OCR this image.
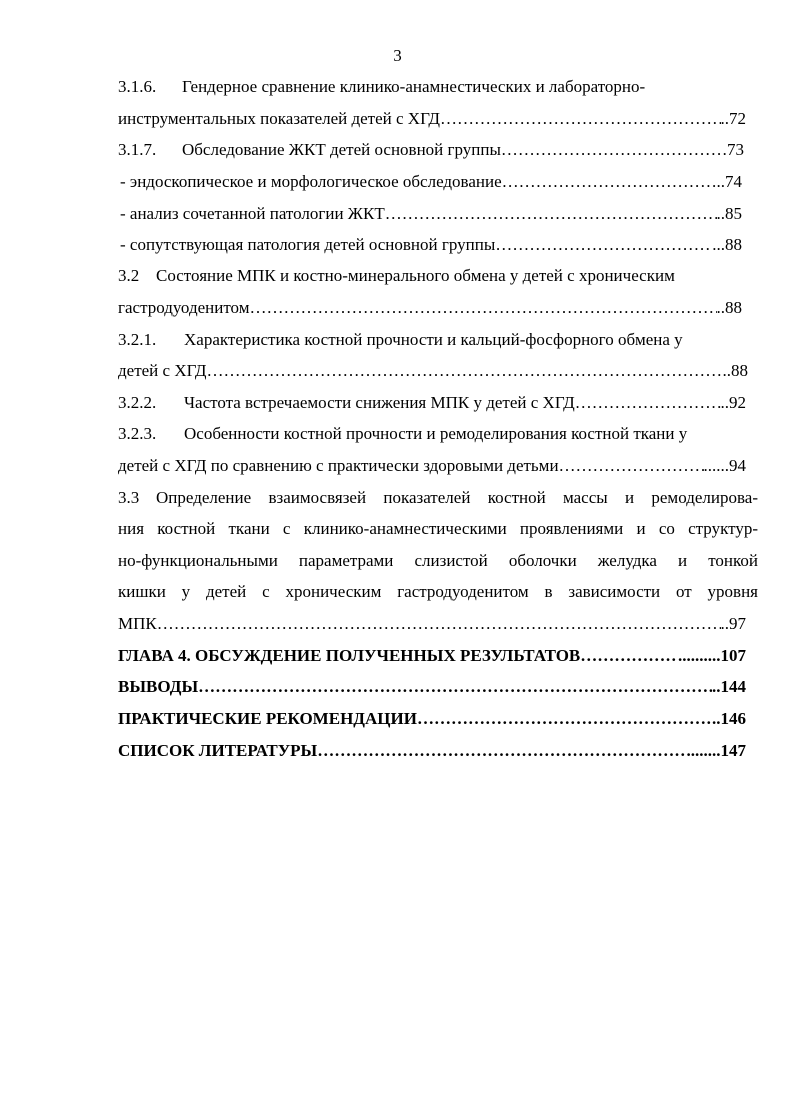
3
3.1.6. Гендерное сравнение клинико-анамнестических и лабораторно-
инструментальных показателей детей с ХГД ……………………………………………………………………………………………………………………………………………………………………………………	..72
3.1.7. Обследование ЖКТ детей основной группы ……………………………………………………………………………………………………………………………………………………………………………………	73
- эндоскопическое и морфологическое обследование ……………………………………………………………………………………………………………………………………………………………………………………	..74
- анализ сочетанной патологии ЖКТ ……………………………………………………………………………………………………………………………………………………………………………………	..85
- сопутствующая патология детей основной группы ……………………………………………………………………………………………………………………………………………………………………………………	...88
3.2 Состояние МПК и костно-минерального обмена у детей с хроническим
гастродуоденитом ……………………………………………………………………………………………………………………………………………………………………………………	..88
3.2.1. Характеристика костной прочности и кальций-фосфорного обмена у
детей с ХГД ……………………………………………………………………………………………………………………………………………………………………………………	..88
3.2.2. Частота встречаемости снижения МПК у детей с ХГД ……………………………………………………………………………………………………………………………………………………………………………………	..92
3.2.3. Особенности костной прочности и ремоделирования костной ткани у
детей с ХГД по сравнению с практически здоровыми детьми ……………………………………………………………………………………………………………………………………………………………………………………	......94
3.3 Определение взаимосвязей показателей костной массы и ремоделирова-
ния костной ткани с клинико-анамнестическими проявлениями и со структур-
но-функциональными параметрами слизистой оболочки желудка и тонкой
кишки у детей с хроническим гастродуоденитом в зависимости от уровня
МПК ……………………………………………………………………………………………………………………………………………………………………………………	..97
ГЛАВА 4. ОБСУЖДЕНИЕ ПОЛУЧЕННЫХ РЕЗУЛЬТАТОВ ……………………………………………………………………………………………………………………………………………………………………………………	..........107
ВЫВОДЫ ……………………………………………………………………………………………………………………………………………………………………………………	..144
ПРАКТИЧЕСКИЕ РЕКОМЕНДАЦИИ ……………………………………………………………………………………………………………………………………………………………………………………	..146
СПИСОК ЛИТЕРАТУРЫ ……………………………………………………………………………………………………………………………………………………………………………………	........147
